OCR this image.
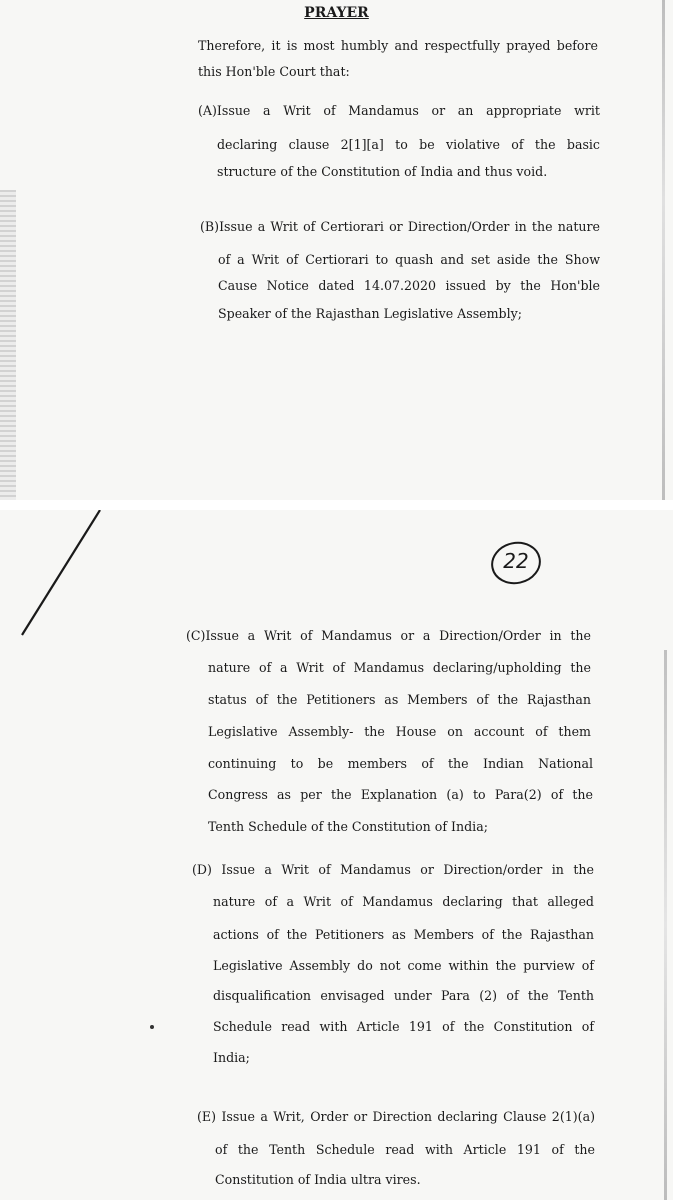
PRAYER
Therefore, it is most humbly and respectfully prayed before
this Hon'ble Court that:
(A)Issue a Writ of Mandamus or an appropriate writ
declaring clause 2[1][a] to be violative of the basic
structure of the Constitution of India and thus void.
(B)Issue a Writ of Certiorari or Direction/Order in the nature
of a Writ of Certiorari to quash and set aside the Show
Cause Notice dated 14.07.2020 issued by the Hon'ble
Speaker of the Rajasthan Legislative Assembly;
22
(C)Issue a Writ of Mandamus or a Direction/Order in the
nature of a Writ of Mandamus declaring/upholding the
status of the Petitioners as Members of the Rajasthan
Legislative Assembly- the House on account of them
continuing to be members of the Indian National
Congress as per the Explanation (a) to Para(2) of the
Tenth Schedule of the Constitution of India;
(D) Issue a Writ of Mandamus or Direction/order in the
nature of a Writ of Mandamus declaring that alleged
actions of the Petitioners as Members of the Rajasthan
Legislative Assembly do not come within the purview of
disqualification envisaged under Para (2) of the Tenth
Schedule read with Article 191 of the Constitution of
India;
(E) Issue a Writ, Order or Direction declaring Clause 2(1)(a)
of the Tenth Schedule read with Article 191 of the
Constitution of India ultra vires.
